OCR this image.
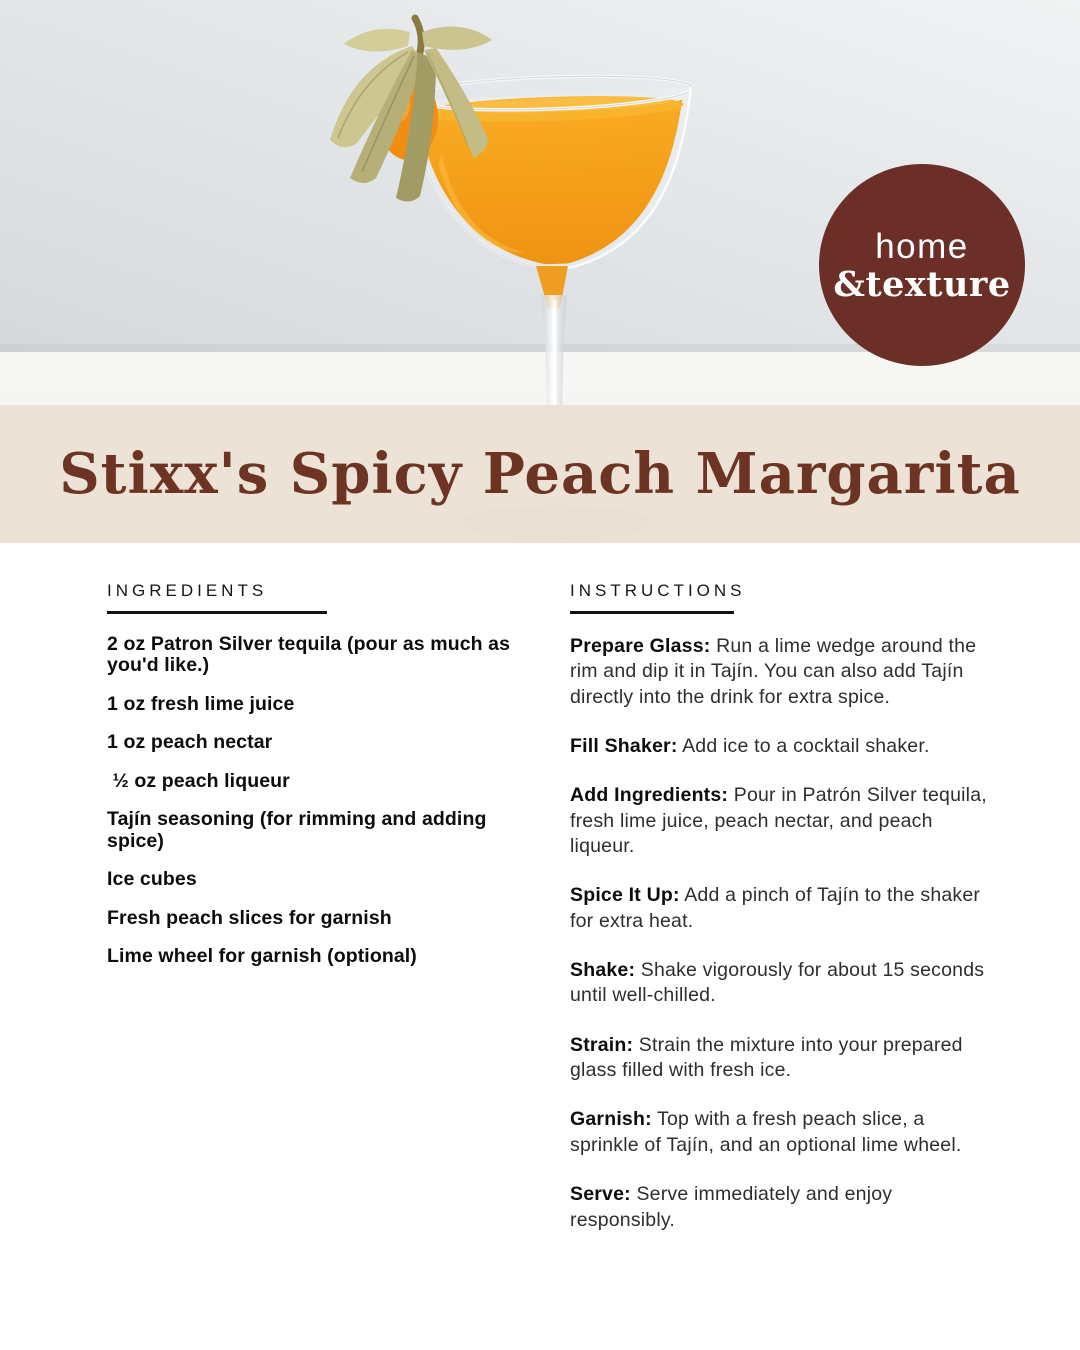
home
&texture
Stixx's Spicy Peach Margarita
INGREDIENTS
2 oz Patron Silver tequila (pour as much as you'd like.)
1 oz fresh lime juice
1 oz peach nectar
½ oz peach liqueur
Tajín seasoning (for rimming and adding spice)
Ice cubes
Fresh peach slices for garnish
Lime wheel for garnish (optional)
INSTRUCTIONS

Prepare Glass: Run a lime wedge around the rim and dip it in Tajín. You can also add Tajín directly into the drink for extra spice.

Fill Shaker: Add ice to a cocktail shaker.

Add Ingredients: Pour in Patrón Silver tequila, fresh lime juice, peach nectar, and peach liqueur.

Spice It Up: Add a pinch of Tajín to the shaker for extra heat.

Shake: Shake vigorously for about 15 seconds until well-chilled.

Strain: Strain the mixture into your prepared glass filled with fresh ice.

Garnish: Top with a fresh peach slice, a sprinkle of Tajín, and an optional lime wheel.

Serve: Serve immediately and enjoy responsibly.
